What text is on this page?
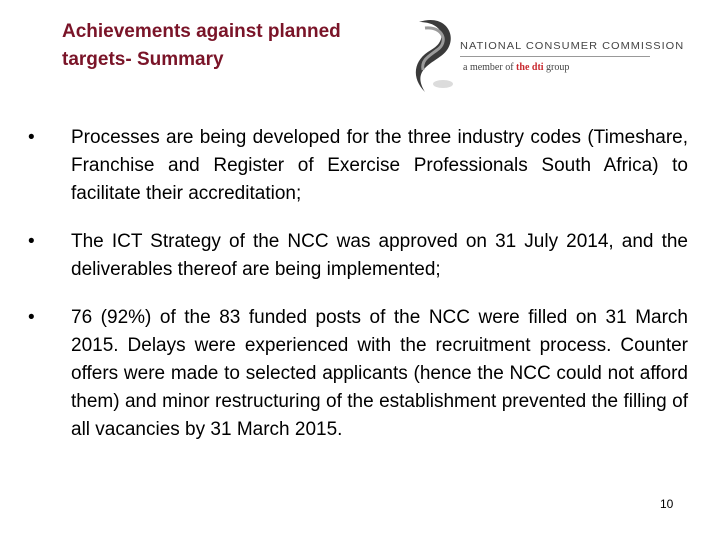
Achievements against planned
targets- Summary
NATIONAL CONSUMER COMMISSION
a member of the dti group
•	Processes are being developed for the three industry codes (Timeshare, Franchise and Register of Exercise Professionals South Africa) to facilitate their accreditation;
•	The ICT Strategy of the NCC was approved on 31 July 2014, and the deliverables thereof are being implemented;
•	76 (92%) of the 83 funded posts of the NCC were filled on 31 March 2015. Delays were experienced with the recruitment process. Counter offers were made to selected applicants (hence the NCC could not afford them) and minor restructuring of the establishment prevented the filling of all vacancies by 31 March 2015.
10
